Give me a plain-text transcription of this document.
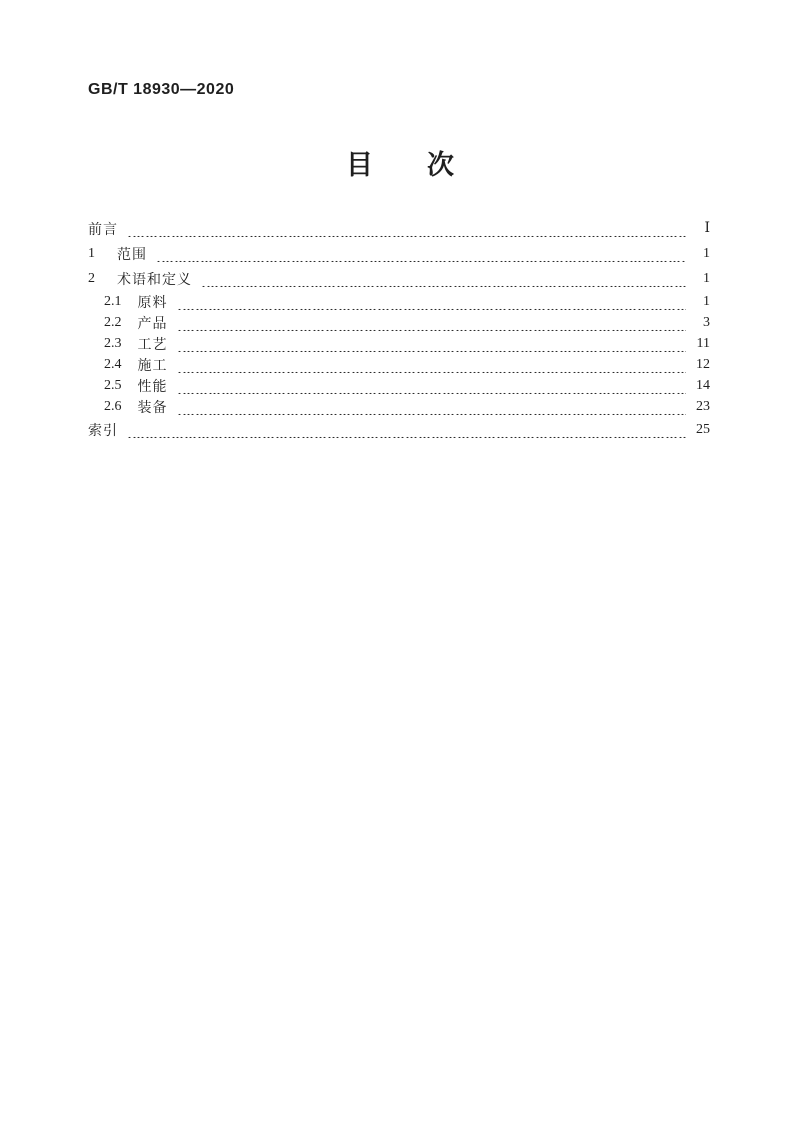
GB/T 18930—2020
目　　次
前言	Ⅰ
1 范围	1
2 术语和定义	1
2.1 原料	1
2.2 产品	3
2.3 工艺	11
2.4 施工	12
2.5 性能	14
2.6 装备	23
索引	25
